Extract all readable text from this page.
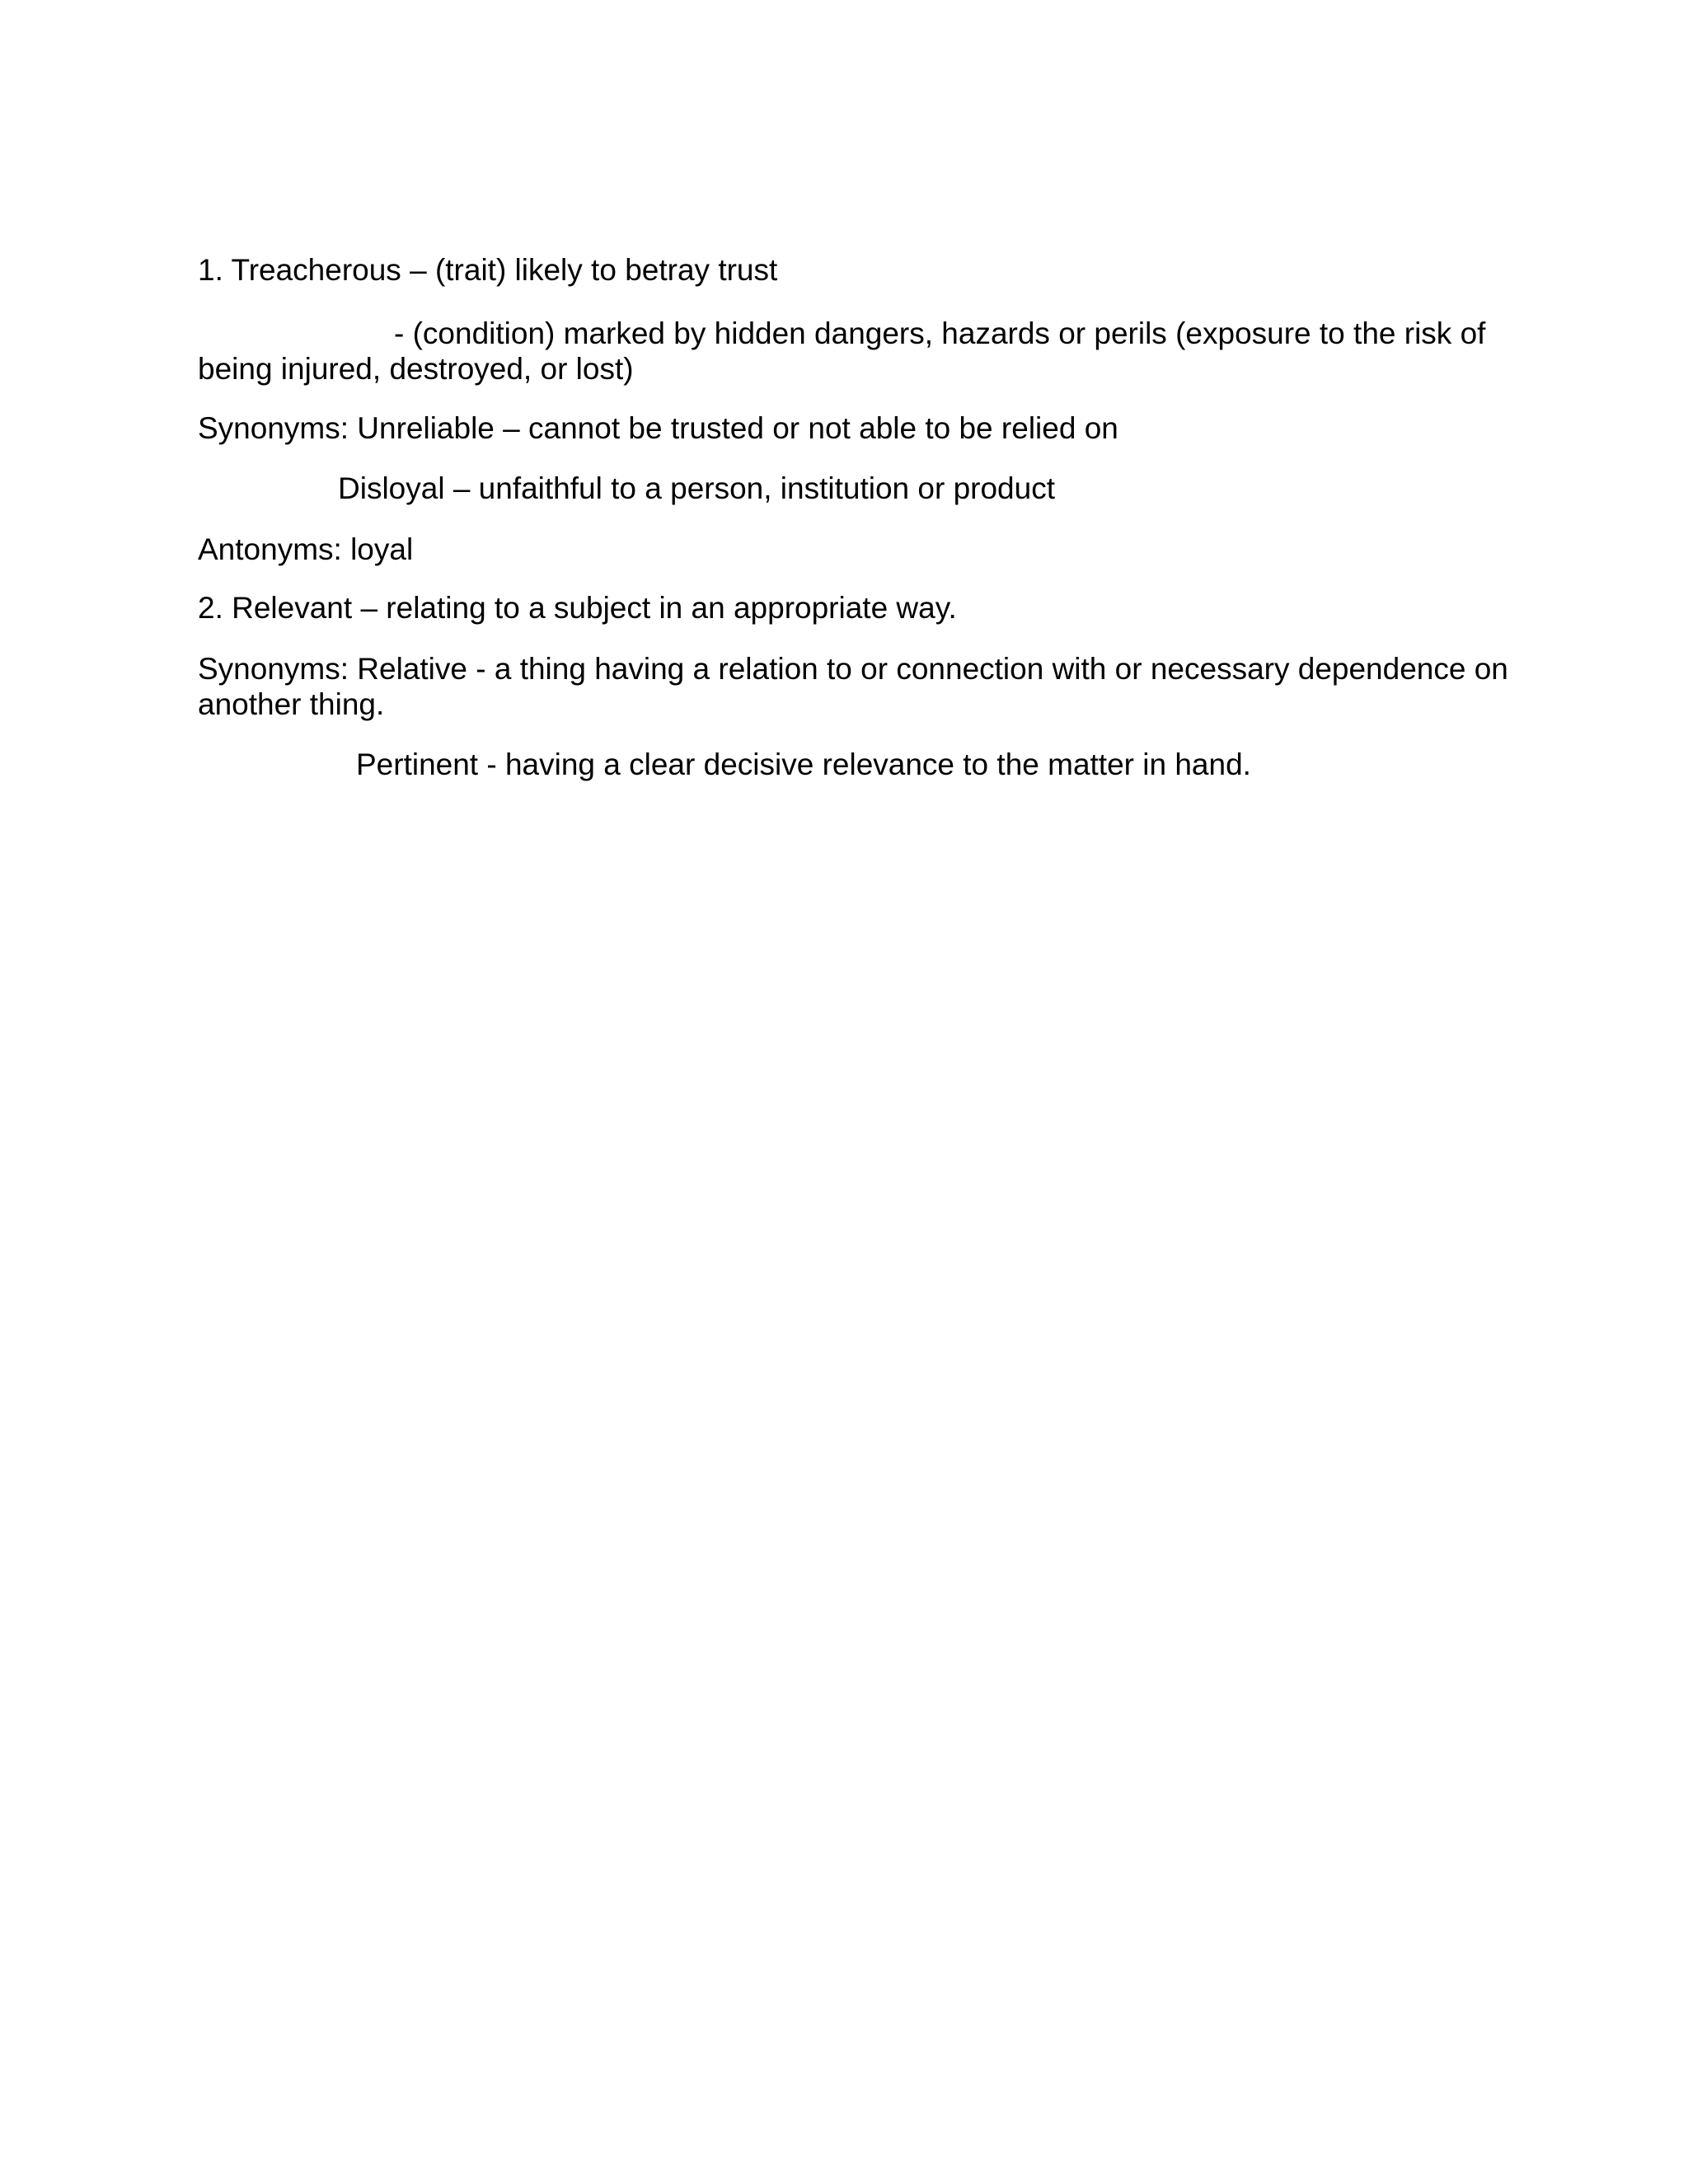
1. Treacherous – (trait) likely to betray trust

- (condition) marked by hidden dangers, hazards or perils (exposure to the risk of being injured, destroyed, or lost)

Synonyms: Unreliable – cannot be trusted or not able to be relied on

Disloyal – unfaithful to a person, institution or product

Antonyms: loyal

2. Relevant – relating to a subject in an appropriate way.

Synonyms: Relative - a thing having a relation to or connection with or necessary dependence on another thing.

Pertinent - having a clear decisive relevance to the matter in hand.
